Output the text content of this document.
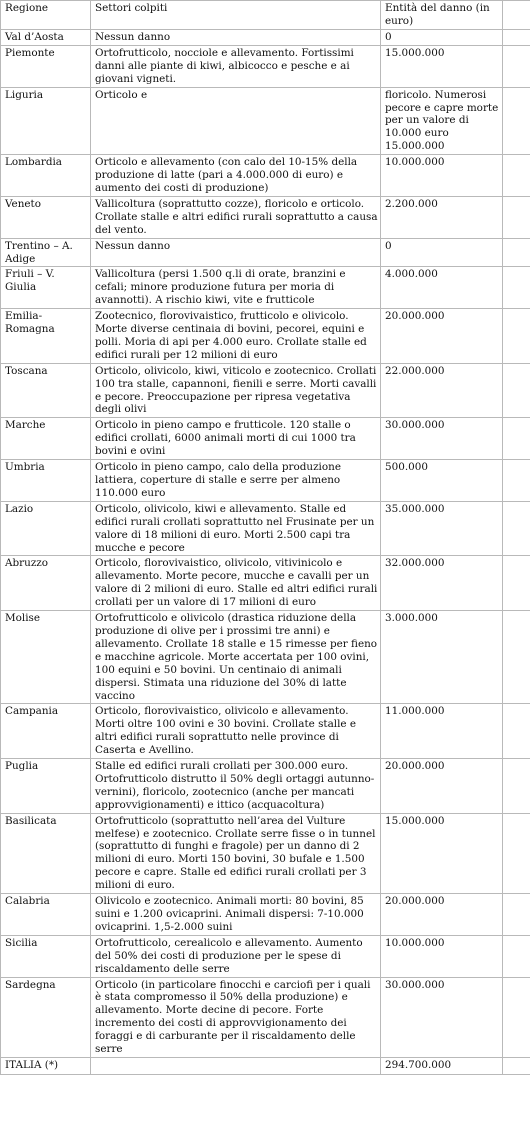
Regione	Settori colpiti	Entità del danno (in euro)	
Val d’Aosta	Nessun danno	0	
Piemonte	Ortofrutticolo, nocciole e allevamento. Fortissimi danni alle piante di kiwi, albicocco e pesche e ai giovani vigneti.	15.000.000	
Liguria	Orticolo e	floricolo. Numerosi pecore e capre morte per un valore di 10.000 euro 15.000.000	
Lombardia	Orticolo e allevamento (con calo del 10-15% della produzione di latte (pari a 4.000.000 di euro) e aumento dei costi di produzione)	10.000.000	
Veneto	Vallicoltura (soprattutto cozze), floricolo e orticolo. Crollate stalle e altri edifici rurali soprattutto a causa del vento.	2.200.000	
Trentino – A. Adige	Nessun danno	0	
Friuli – V. Giulia	Vallicoltura (persi 1.500 q.li di orate, branzini e cefali; minore produzione futura per moria di avannotti). A rischio kiwi, vite e frutticole	4.000.000	
Emilia-Romagna	Zootecnico, florovivaistico, frutticolo e olivicolo. Morte diverse centinaia di bovini, pecorei, equini e polli. Moria di api per 4.000 euro. Crollate stalle ed edifici rurali per 12 milioni di euro	20.000.000	
Toscana	Orticolo, olivicolo, kiwi, viticolo e zootecnico. Crollati 100 tra stalle, capannoni, fienili e serre. Morti cavalli e pecore. Preoccupazione per ripresa vegetativa degli olivi	22.000.000	
Marche	Orticolo in pieno campo e frutticole. 120 stalle o edifici crollati, 6000 animali morti di cui 1000 tra bovini e ovini	30.000.000	
Umbria	Orticolo in pieno campo, calo della produzione lattiera, coperture di stalle e serre per almeno 110.000 euro	500.000	
Lazio	Orticolo, olivicolo, kiwi e allevamento. Stalle ed edifici rurali crollati soprattutto nel Frusinate per un valore di 18 milioni di euro. Morti 2.500 capi tra mucche e pecore	35.000.000	
Abruzzo	Orticolo, florovivaistico, olivicolo, vitivinicolo e allevamento. Morte pecore, mucche e cavalli per un valore di 2 milioni di euro. Stalle ed altri edifici rurali crollati per un valore di 17 milioni di euro	32.000.000	
Molise	Ortofrutticolo e olivicolo (drastica riduzione della produzione di olive per i prossimi tre anni) e allevamento. Crollate 18 stalle e 15 rimesse per fieno e macchine agricole. Morte accertata per 100 ovini, 100 equini e 50 bovini. Un centinaio di animali dispersi. Stimata una riduzione del 30% di latte vaccino	3.000.000	
Campania	Orticolo, florovivaistico, olivicolo e allevamento. Morti oltre 100 ovini e 30 bovini. Crollate stalle e altri edifici rurali soprattutto nelle province di Caserta e Avellino.	11.000.000	
Puglia	Stalle ed edifici rurali crollati per 300.000 euro. Ortofrutticolo distrutto il 50% degli ortaggi autunno-vernini), floricolo, zootecnico (anche per mancati approvvigionamenti) e ittico (acquacoltura)	20.000.000	
Basilicata	Ortofrutticolo (soprattutto nell’area del Vulture melfese) e zootecnico. Crollate serre fisse o in tunnel (soprattutto di funghi e fragole) per un danno di 2 milioni di euro. Morti 150 bovini, 30 bufale e 1.500 pecore e capre. Stalle ed edifici rurali crollati per 3 milioni di euro.	15.000.000	
Calabria	Olivicolo e zootecnico. Animali morti: 80 bovini, 85 suini e 1.200 ovicaprini. Animali dispersi: 7-10.000 ovicaprini. 1,5-2.000 suini	20.000.000	
Sicilia	Ortofrutticolo, cerealicolo e allevamento. Aumento del 50% dei costi di produzione per le spese di riscaldamento delle serre	10.000.000	
Sardegna	Orticolo (in particolare finocchi e carciofi per i quali è stata compromesso il 50% della produzione) e allevamento. Morte decine di pecore. Forte incremento dei costi di approvvigionamento dei foraggi e di carburante per il riscaldamento delle serre	30.000.000	
ITALIA (*)		294.700.000	
